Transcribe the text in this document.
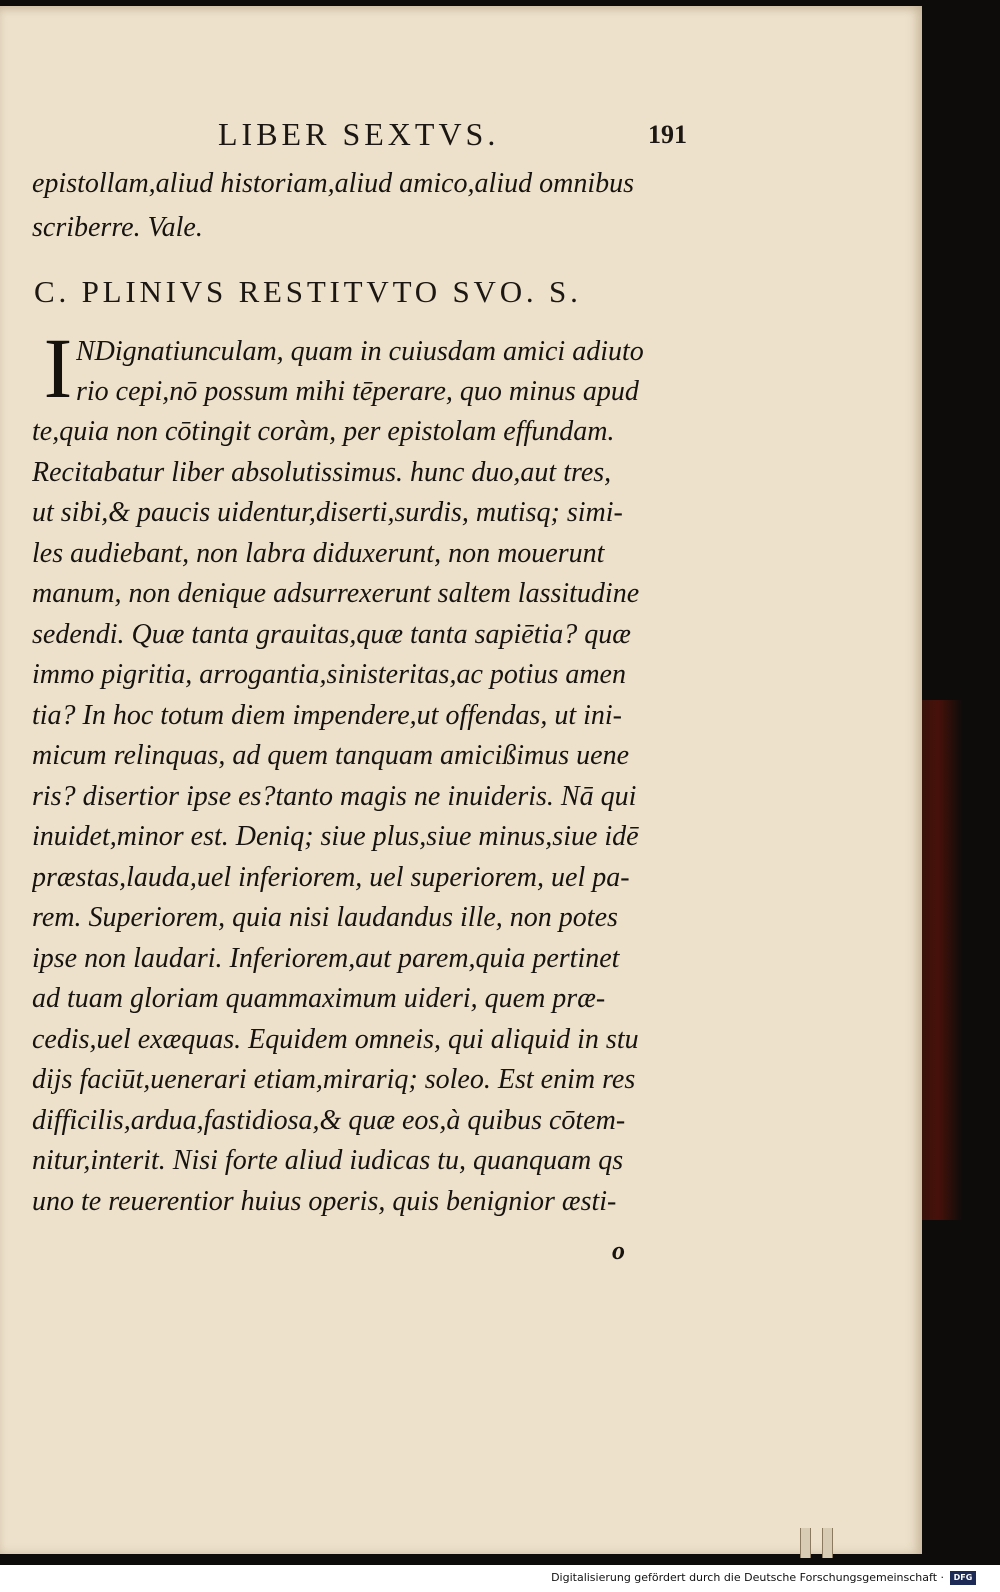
LIBER SEXTVS.	191
epistollam,aliud historiam,aliud amico,aliud omnibus
scriberre. Vale.
C. PLINIVS RESTITVTO SVO. S.
I NDignatiunculam, quam in cuiusdam amici adiuto
rio cepi,nō possum mihi tēperare, quo minus apud
te,quia non cōtingit coràm, per epistolam effundam.
Recitabatur liber absolutissimus. hunc duo,aut tres,
ut sibi,& paucis uidentur,diserti,surdis, mutisq; simi-
les audiebant, non labra diduxerunt, non mouerunt
manum, non denique adsurrexerunt saltem lassitudine
sedendi. Quæ tanta grauitas,quæ tanta sapiētia? quæ
immo pigritia, arrogantia,sinisteritas,ac potius amen
tia? In hoc totum diem impendere,ut offendas, ut ini-
micum relinquas, ad quem tanquam amicißimus uene
ris? disertior ipse es?tanto magis ne inuideris. Nā qui
inuidet,minor est. Deniq; siue plus,siue minus,siue idē
præstas,lauda,uel inferiorem, uel superiorem, uel pa-
rem. Superiorem, quia nisi laudandus ille, non potes
ipse non laudari. Inferiorem,aut parem,quia pertinet
ad tuam gloriam quammaximum uideri, quem præ-
cedis,uel exæquas. Equidem omneis, qui aliquid in stu
dijs faciūt,uenerari etiam,mirariq; soleo. Est enim res
difficilis,ardua,fastidiosa,& quæ eos,à quibus cōtem-
nitur,interit. Nisi forte aliud iudicas tu, quanquam qs
uno te reuerentior huius operis, quis benignior æsti-
o
Digitalisierung gefördert durch die Deutsche Forschungsgemeinschaft ·	DFG
